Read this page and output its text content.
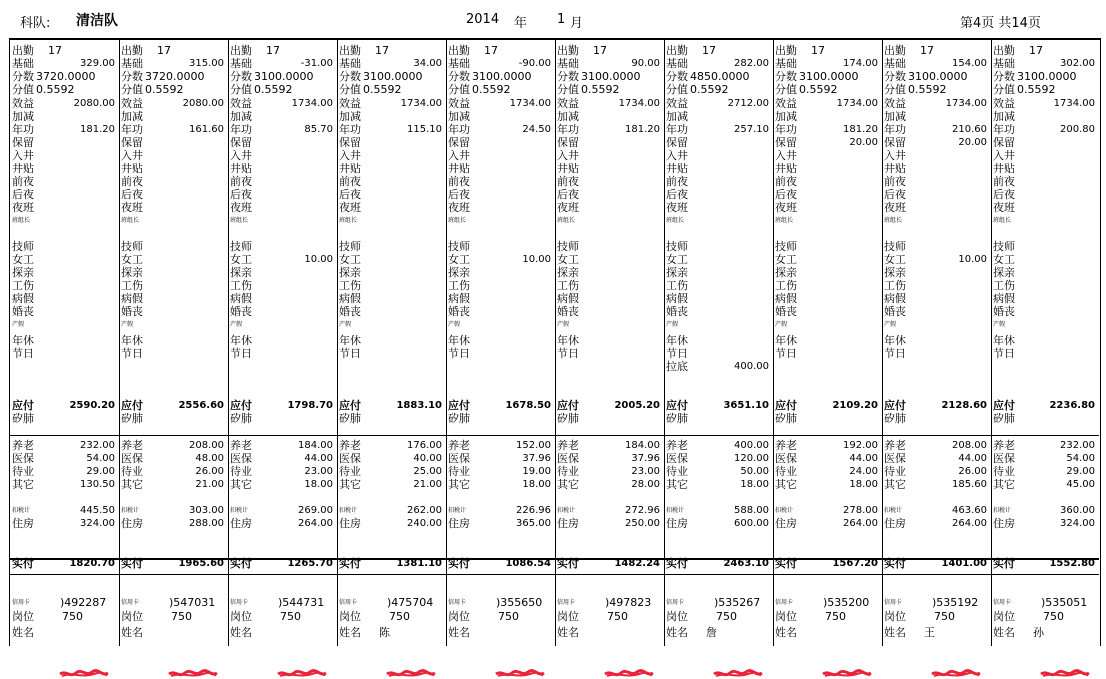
科队: 清洁队	2014 年 1 月	第4页 共14页
出勤 17
基础	329.00
分数 3720.0000
分值 0.5592
效益	2080.00
加减
年功	181.20
保留
入井
井贴
前夜
后夜
夜班
班组长
技师
女工
探亲
工伤
病假
婚丧
产假
年休
节日
应付	2590.20
矽肺
养老	232.00
医保	54.00
待业	29.00
其它	130.50
扣税计	445.50
住房	324.00
实付	1820.70
信用卡	)492287
岗位	750
姓名
出勤 17
基础	315.00
分数 3720.0000
分值 0.5592
效益	2080.00
加减
年功	161.60
保留
入井
井贴
前夜
后夜
夜班
班组长
技师
女工
探亲
工伤
病假
婚丧
产假
年休
节日
应付	2556.60
矽肺
养老	208.00
医保	48.00
待业	26.00
其它	21.00
扣税计	303.00
住房	288.00
实付	1965.60
信用卡	)547031
岗位	750
姓名
出勤 17
基础	-31.00
分数 3100.0000
分值 0.5592
效益	1734.00
加减
年功	85.70
保留
入井
井贴
前夜
后夜
夜班
班组长
技师
女工	10.00
探亲
工伤
病假
婚丧
产假
年休
节日
应付	1798.70
矽肺
养老	184.00
医保	44.00
待业	23.00
其它	18.00
扣税计	269.00
住房	264.00
实付	1265.70
信用卡	)544731
岗位	750
姓名
出勤 17
基础	34.00
分数 3100.0000
分值 0.5592
效益	1734.00
加减
年功	115.10
保留
入井
井贴
前夜
后夜
夜班
班组长
技师
女工
探亲
工伤
病假
婚丧
产假
年休
节日
应付	1883.10
矽肺
养老	176.00
医保	40.00
待业	25.00
其它	21.00
扣税计	262.00
住房	240.00
实付	1381.10
信用卡	)475704
岗位	750
姓名 陈
出勤 17
基础	-90.00
分数 3100.0000
分值 0.5592
效益	1734.00
加减
年功	24.50
保留
入井
井贴
前夜
后夜
夜班
班组长
技师
女工	10.00
探亲
工伤
病假
婚丧
产假
年休
节日
应付	1678.50
矽肺
养老	152.00
医保	37.96
待业	19.00
其它	18.00
扣税计	226.96
住房	365.00
实付	1086.54
信用卡	)355650
岗位	750
姓名
出勤 17
基础	90.00
分数 3100.0000
分值 0.5592
效益	1734.00
加减
年功	181.20
保留
入井
井贴
前夜
后夜
夜班
班组长
技师
女工
探亲
工伤
病假
婚丧
产假
年休
节日
应付	2005.20
矽肺
养老	184.00
医保	37.96
待业	23.00
其它	28.00
扣税计	272.96
住房	250.00
实付	1482.24
信用卡	)497823
岗位	750
姓名
出勤 17
基础	282.00
分数 4850.0000
分值 0.5592
效益	2712.00
加减
年功	257.10
保留
入井
井贴
前夜
后夜
夜班
班组长
技师
女工
探亲
工伤
病假
婚丧
产假
年休
节日
拉底	400.00
应付	3651.10
矽肺
养老	400.00
医保	120.00
待业	50.00
其它	18.00
扣税计	588.00
住房	600.00
实付	2463.10
信用卡	)535267
岗位	750
姓名 詹
出勤 17
基础	174.00
分数 3100.0000
分值 0.5592
效益	1734.00
加减
年功	181.20
保留	20.00
入井
井贴
前夜
后夜
夜班
班组长
技师
女工
探亲
工伤
病假
婚丧
产假
年休
节日
应付	2109.20
矽肺
养老	192.00
医保	44.00
待业	24.00
其它	18.00
扣税计	278.00
住房	264.00
实付	1567.20
信用卡	)535200
岗位	750
姓名
出勤 17
基础	154.00
分数 3100.0000
分值 0.5592
效益	1734.00
加减
年功	210.60
保留	20.00
入井
井贴
前夜
后夜
夜班
班组长
技师
女工	10.00
探亲
工伤
病假
婚丧
产假
年休
节日
应付	2128.60
矽肺
养老	208.00
医保	44.00
待业	26.00
其它	185.60
扣税计	463.60
住房	264.00
实付	1401.00
信用卡	)535192
岗位	750
姓名 王
出勤 17
基础	302.00
分数 3100.0000
分值 0.5592
效益	1734.00
加减
年功	200.80
保留
入井
井贴
前夜
后夜
夜班
班组长
技师
女工
探亲
工伤
病假
婚丧
产假
年休
节日
应付	2236.80
矽肺
养老	232.00
医保	54.00
待业	29.00
其它	45.00
扣税计	360.00
住房	324.00
实付	1552.80
信用卡	)535051
岗位	750
姓名 孙
